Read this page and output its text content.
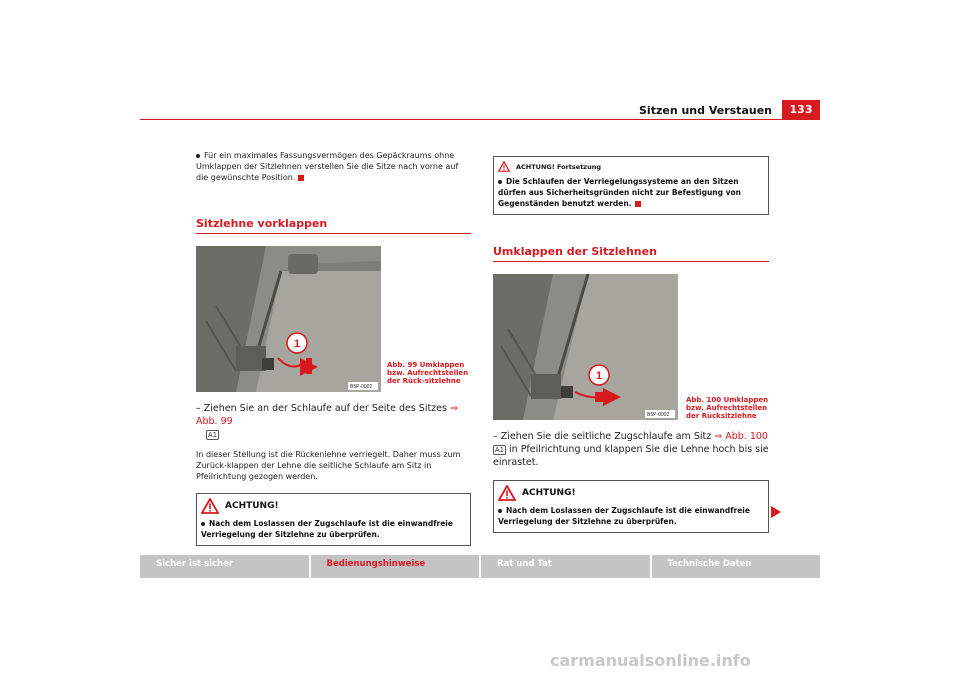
Sitzen und Verstauen	133

Für ein maximales Fassungsvermögen des Gepäckraums ohne Umklappen der Sitzlehnen verstellen Sie die Sitze nach vorne auf die gewünschte Position.

Sitzlehne vorklappen
1
B5P-0002
Abb. 99 Umklappen bzw. Aufrechtstellen der Rück-sitzlehne
– Ziehen Sie an der Schlaufe auf der Seite des Sitzes ⇒ Abb. 99
A1

In dieser Stellung ist die Rückenlehne verriegelt. Daher muss zum Zurück-klappen der Lehne die seitliche Schlaufe am Sitz in Pfeilrichtung gezogen werden.

ACHTUNG!
Nach dem Loslassen der Zugschlaufe ist die einwandfreie Verriegelung der Sitzlehne zu überprüfen.
ACHTUNG! Fortsetzung
Die Schlaufen der Verriegelungssysteme an den Sitzen dürfen aus Sicherheitsgründen nicht zur Befestigung von Gegenständen benutzt werden.
Umklappen der Sitzlehnen
1
B5P-0002
Abb. 100 Umklappen bzw. Aufrechtstellen der Rücksitzlehne
– Ziehen Sie die seitliche Zugschlaufe am Sitz ⇒ Abb. 100 A1 in Pfeilrichtung und klappen Sie die Lehne hoch bis sie einrastet.
ACHTUNG!
Nach dem Loslassen der Zugschlaufe ist die einwandfreie Verriegelung der Sitzlehne zu überprüfen.
Sicher ist sicher	Bedienungshinweise	Rat und Tat	Technische Daten
carmanualsonline.info
